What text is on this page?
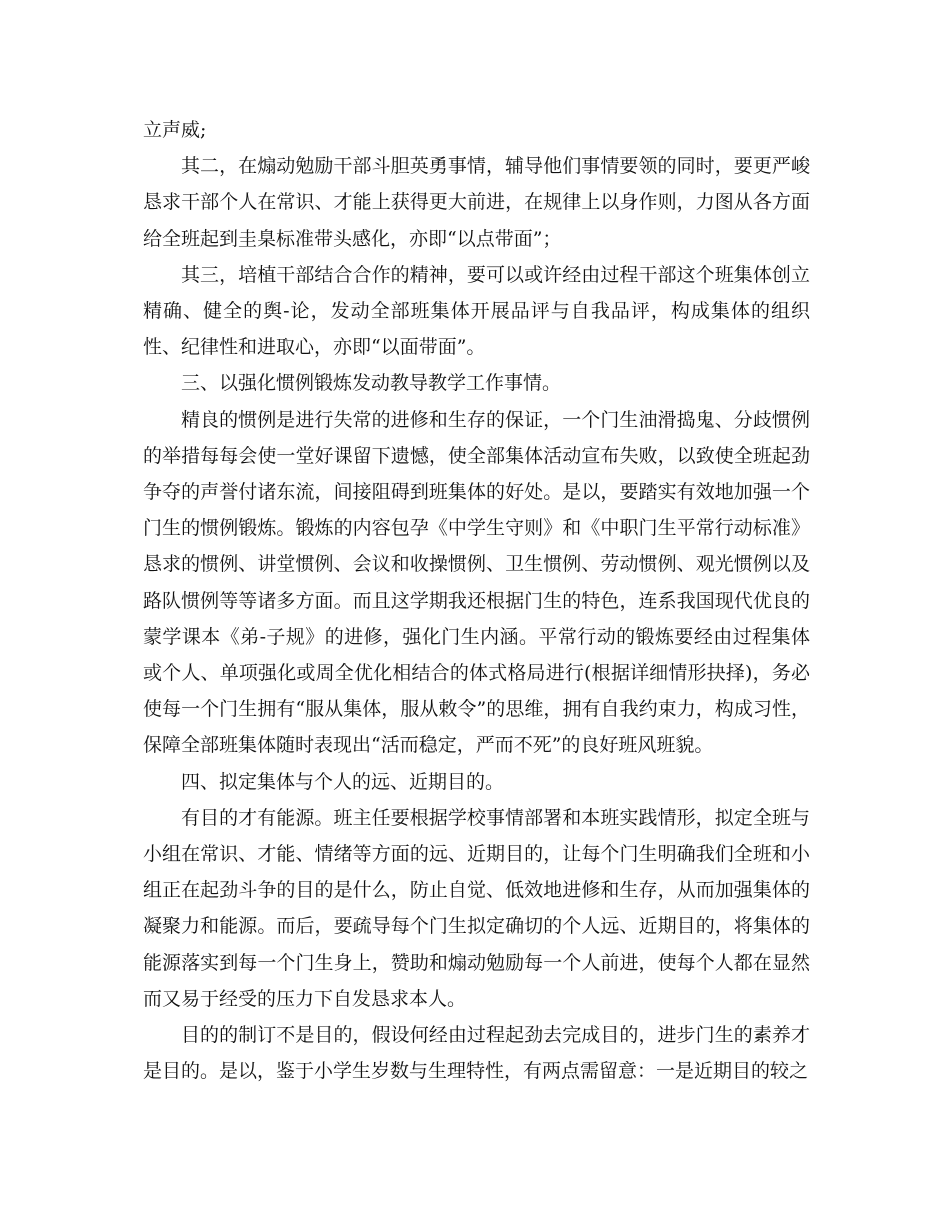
立声威;

其二，在煽动勉励干部斗胆英勇事情，辅导他们事情要领的同时，要更严峻恳求干部个人在常识、才能上获得更大前进，在规律上以身作则，力图从各方面给全班起到圭臬标准带头感化，亦即“以点带面”；

其三，培植干部结合合作的精神，要可以或许经由过程干部这个班集体创立精确、健全的舆-论，发动全部班集体开展品评与自我品评，构成集体的组织性、纪律性和进取心，亦即“以面带面”。

三、以强化惯例锻炼发动教导教学工作事情。

精良的惯例是进行失常的进修和生存的保证，一个门生油滑捣鬼、分歧惯例的举措每每会使一堂好课留下遗憾，使全部集体活动宣布失败，以致使全班起劲争夺的声誉付诸东流，间接阻碍到班集体的好处。是以，要踏实有效地加强一个门生的惯例锻炼。锻炼的内容包孕《中学生守则》和《中职门生平常行动标准》恳求的惯例、讲堂惯例、会议和收操惯例、卫生惯例、劳动惯例、观光惯例以及路队惯例等等诸多方面。而且这学期我还根据门生的特色，连系我国现代优良的蒙学课本《弟-子规》的进修，强化门生内涵。平常行动的锻炼要经由过程集体或个人、单项强化或周全优化相结合的体式格局进行(根据详细情形抉择)，务必使每一个门生拥有“服从集体，服从敕令”的思维，拥有自我约束力，构成习性，保障全部班集体随时表现出“活而稳定，严而不死”的良好班风班貌。

四、拟定集体与个人的远、近期目的。

有目的才有能源。班主任要根据学校事情部署和本班实践情形，拟定全班与小组在常识、才能、情绪等方面的远、近期目的，让每个门生明确我们全班和小组正在起劲斗争的目的是什么，防止自觉、低效地进修和生存，从而加强集体的凝聚力和能源。而后，要疏导每个门生拟定确切的个人远、近期目的，将集体的能源落实到每一个门生身上，赞助和煽动勉励每一个人前进，使每个人都在显然而又易于经受的压力下自发恳求本人。

目的的制订不是目的，假设何经由过程起劲去完成目的，进步门生的素养才是目的。是以，鉴于小学生岁数与生理特性，有两点需留意：一是近期目的较之
